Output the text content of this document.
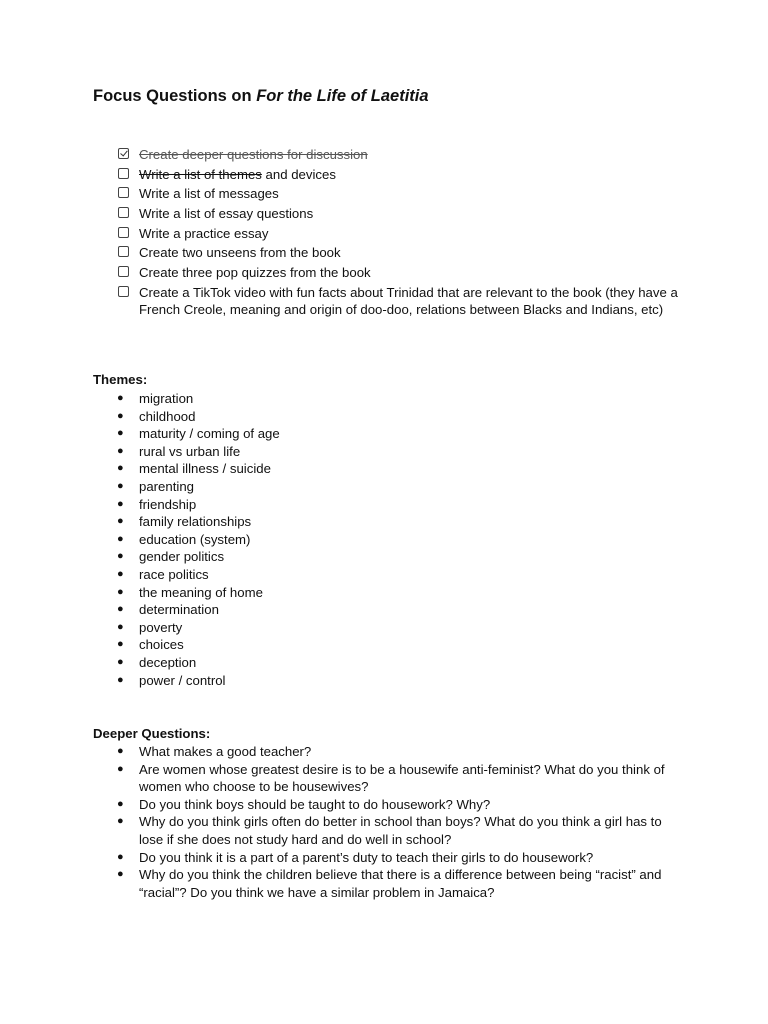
Focus Questions on For the Life of Laetitia
Create deeper questions for discussion
Write a list of themes and devices
Write a list of messages
Write a list of essay questions
Write a practice essay
Create two unseens from the book
Create three pop quizzes from the book
Create a TikTok video with fun facts about Trinidad that are relevant to the book (they have a French Creole, meaning and origin of doo-doo, relations between Blacks and Indians, etc)
Themes:
● migration
● childhood
● maturity / coming of age
● rural vs urban life
● mental illness / suicide
● parenting
● friendship
● family relationships
● education (system)
● gender politics
● race politics
● the meaning of home
● determination
● poverty
● choices
● deception
● power / control
Deeper Questions:
● What makes a good teacher?
● Are women whose greatest desire is to be a housewife anti-feminist? What do you think of women who choose to be housewives?
● Do you think boys should be taught to do housework? Why?
● Why do you think girls often do better in school than boys? What do you think a girl has to lose if she does not study hard and do well in school?
● Do you think it is a part of a parent’s duty to teach their girls to do housework?
● Why do you think the children believe that there is a difference between being “racist” and “racial”? Do you think we have a similar problem in Jamaica?
